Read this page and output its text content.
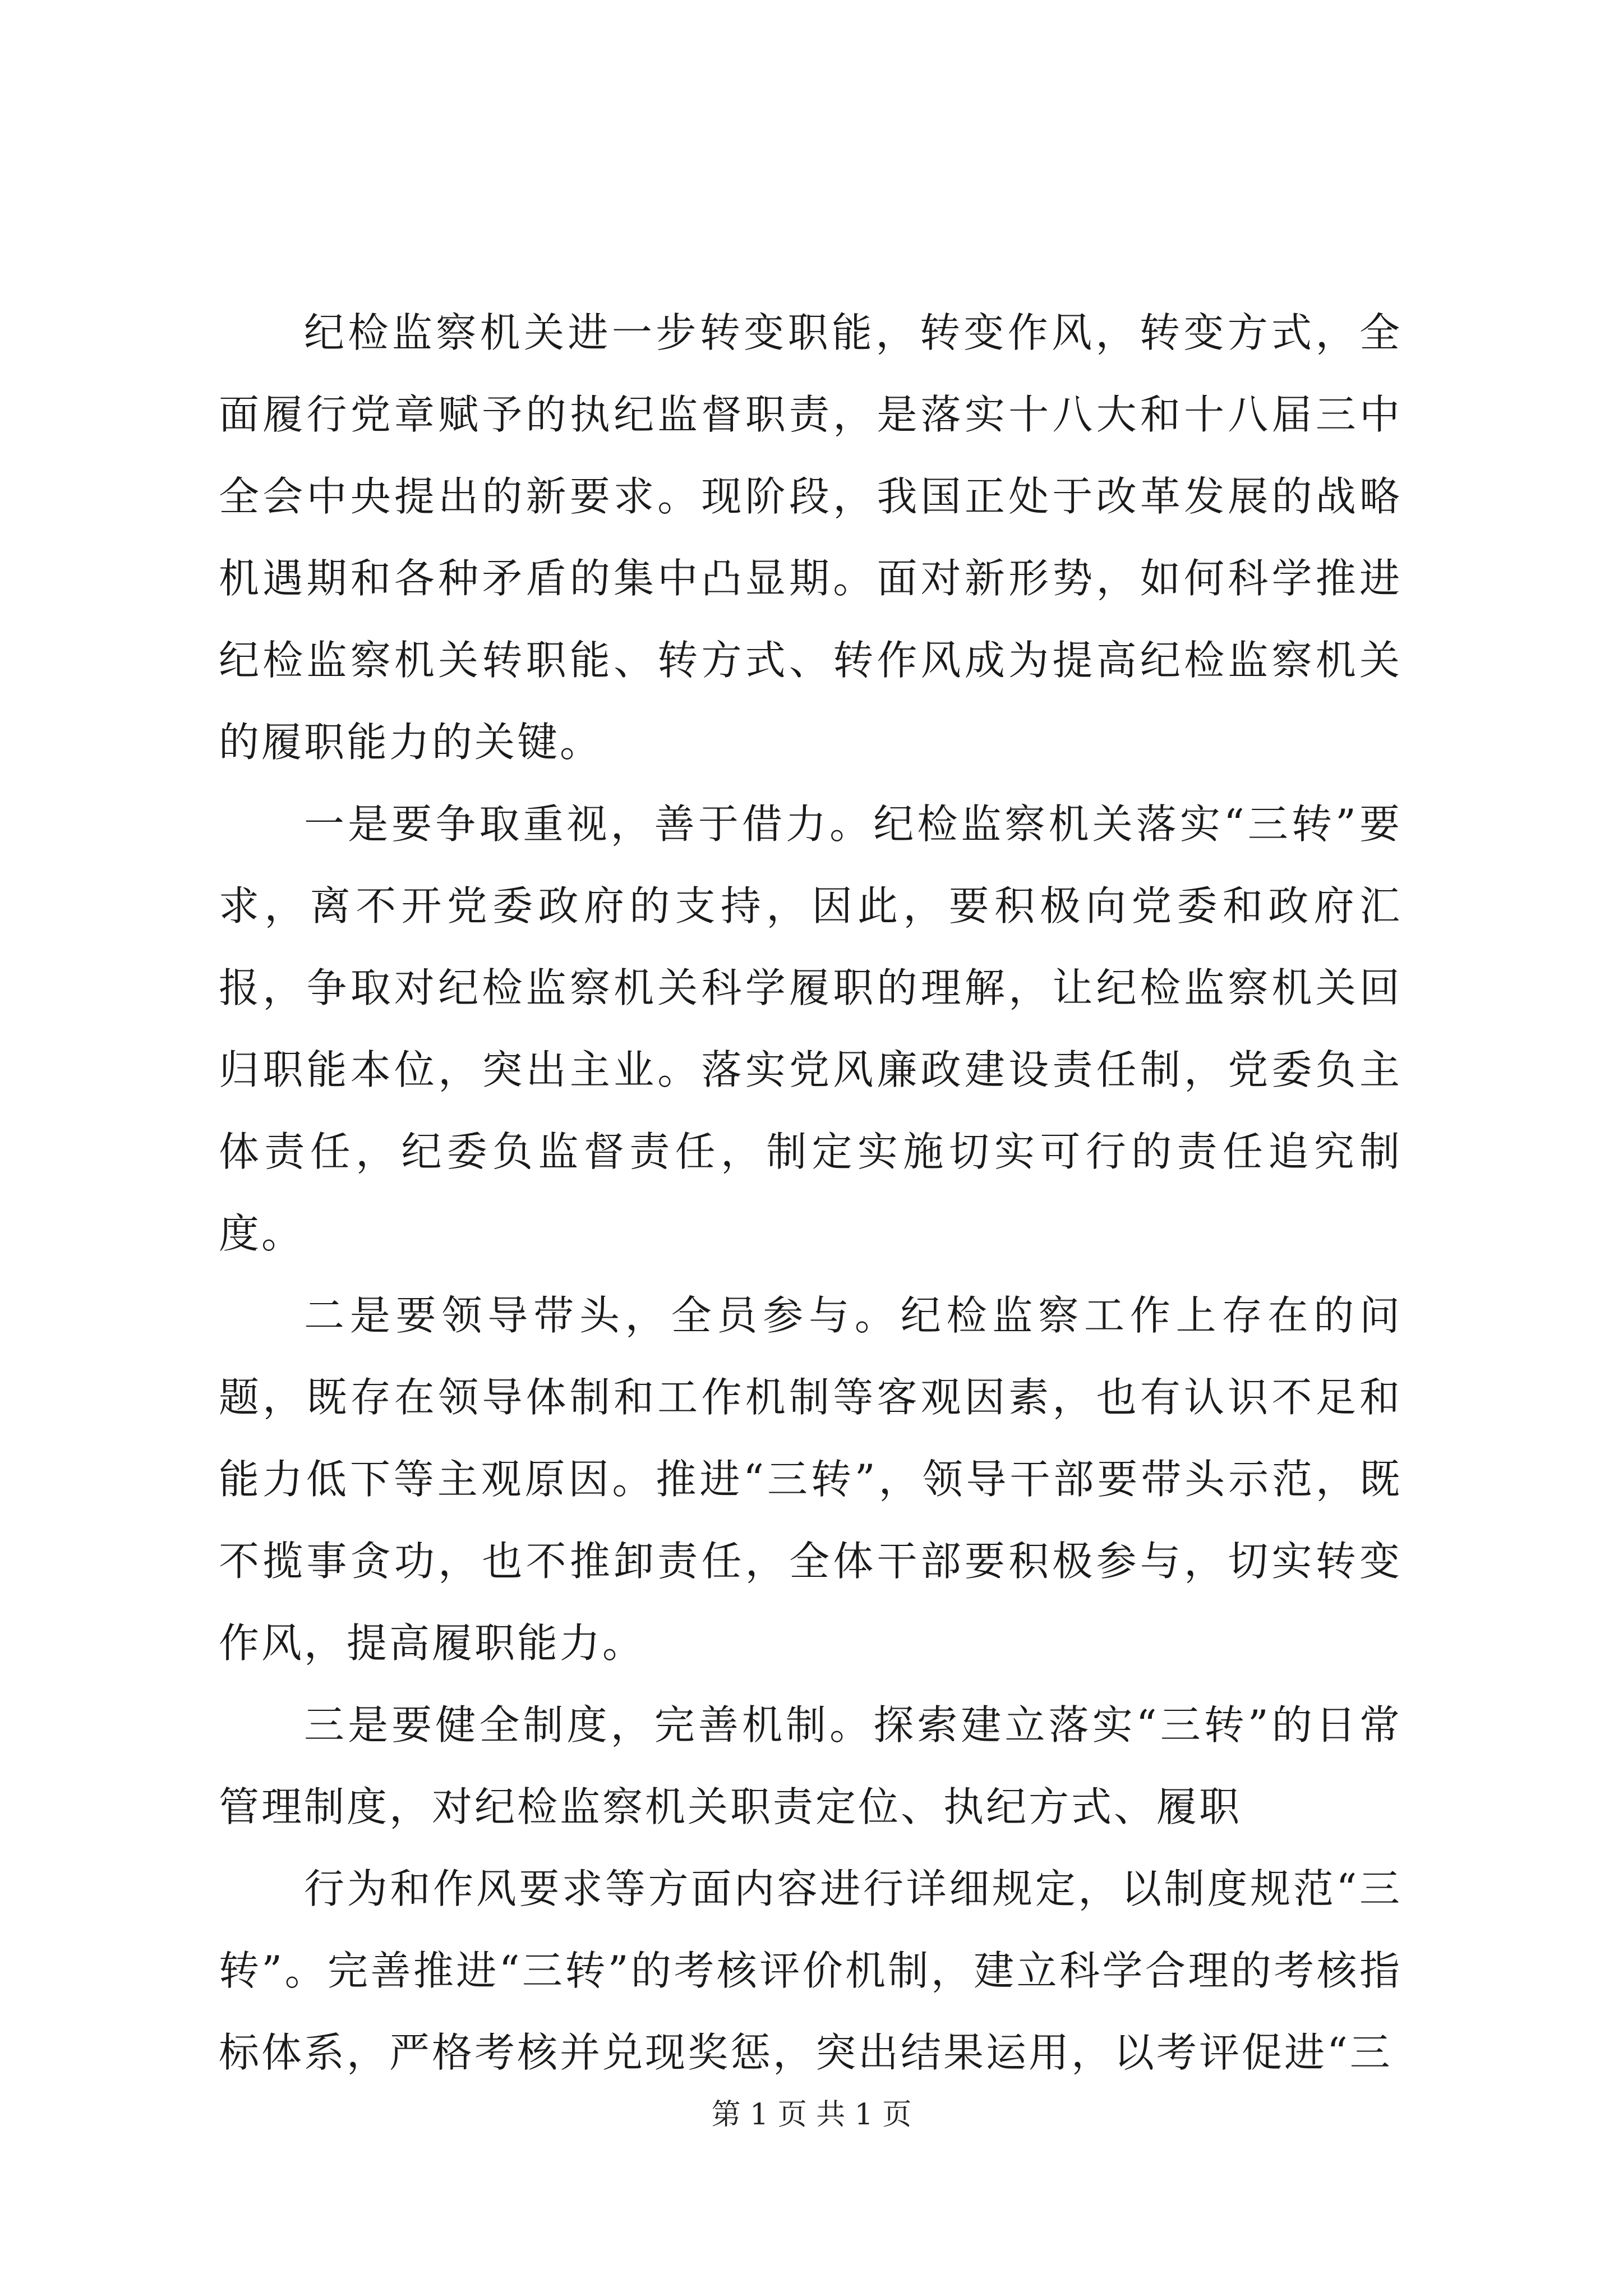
纪检监察机关进一步转变职能，转变作风，转变方式，全面履行党章赋予的执纪监督职责，是落实十八大和十八届三中全会中央提出的新要求。现阶段，我国正处于改革发展的战略机遇期和各种矛盾的集中凸显期。面对新形势，如何科学推进纪检监察机关转职能、转方式、转作风成为提高纪检监察机关的履职能力的关键。

一是要争取重视，善于借力。纪检监察机关落实“三转”要求，离不开党委政府的支持，因此，要积极向党委和政府汇报，争取对纪检监察机关科学履职的理解，让纪检监察机关回归职能本位，突出主业。落实党风廉政建设责任制，党委负主体责任，纪委负监督责任，制定实施切实可行的责任追究制度。

二是要领导带头，全员参与。纪检监察工作上存在的问题，既存在领导体制和工作机制等客观因素，也有认识不足和能力低下等主观原因。推进“三转”，领导干部要带头示范，既不揽事贪功，也不推卸责任，全体干部要积极参与，切实转变作风，提高履职能力。

三是要健全制度，完善机制。探索建立落实“三转”的日常管理制度，对纪检监察机关职责定位、执纪方式、履职

行为和作风要求等方面内容进行详细规定，以制度规范“三转”。完善推进“三转”的考核评价机制，建立科学合理的考核指标体系，严格考核并兑现奖惩，突出结果运用，以考评促进“三

第 1 页 共 1 页
